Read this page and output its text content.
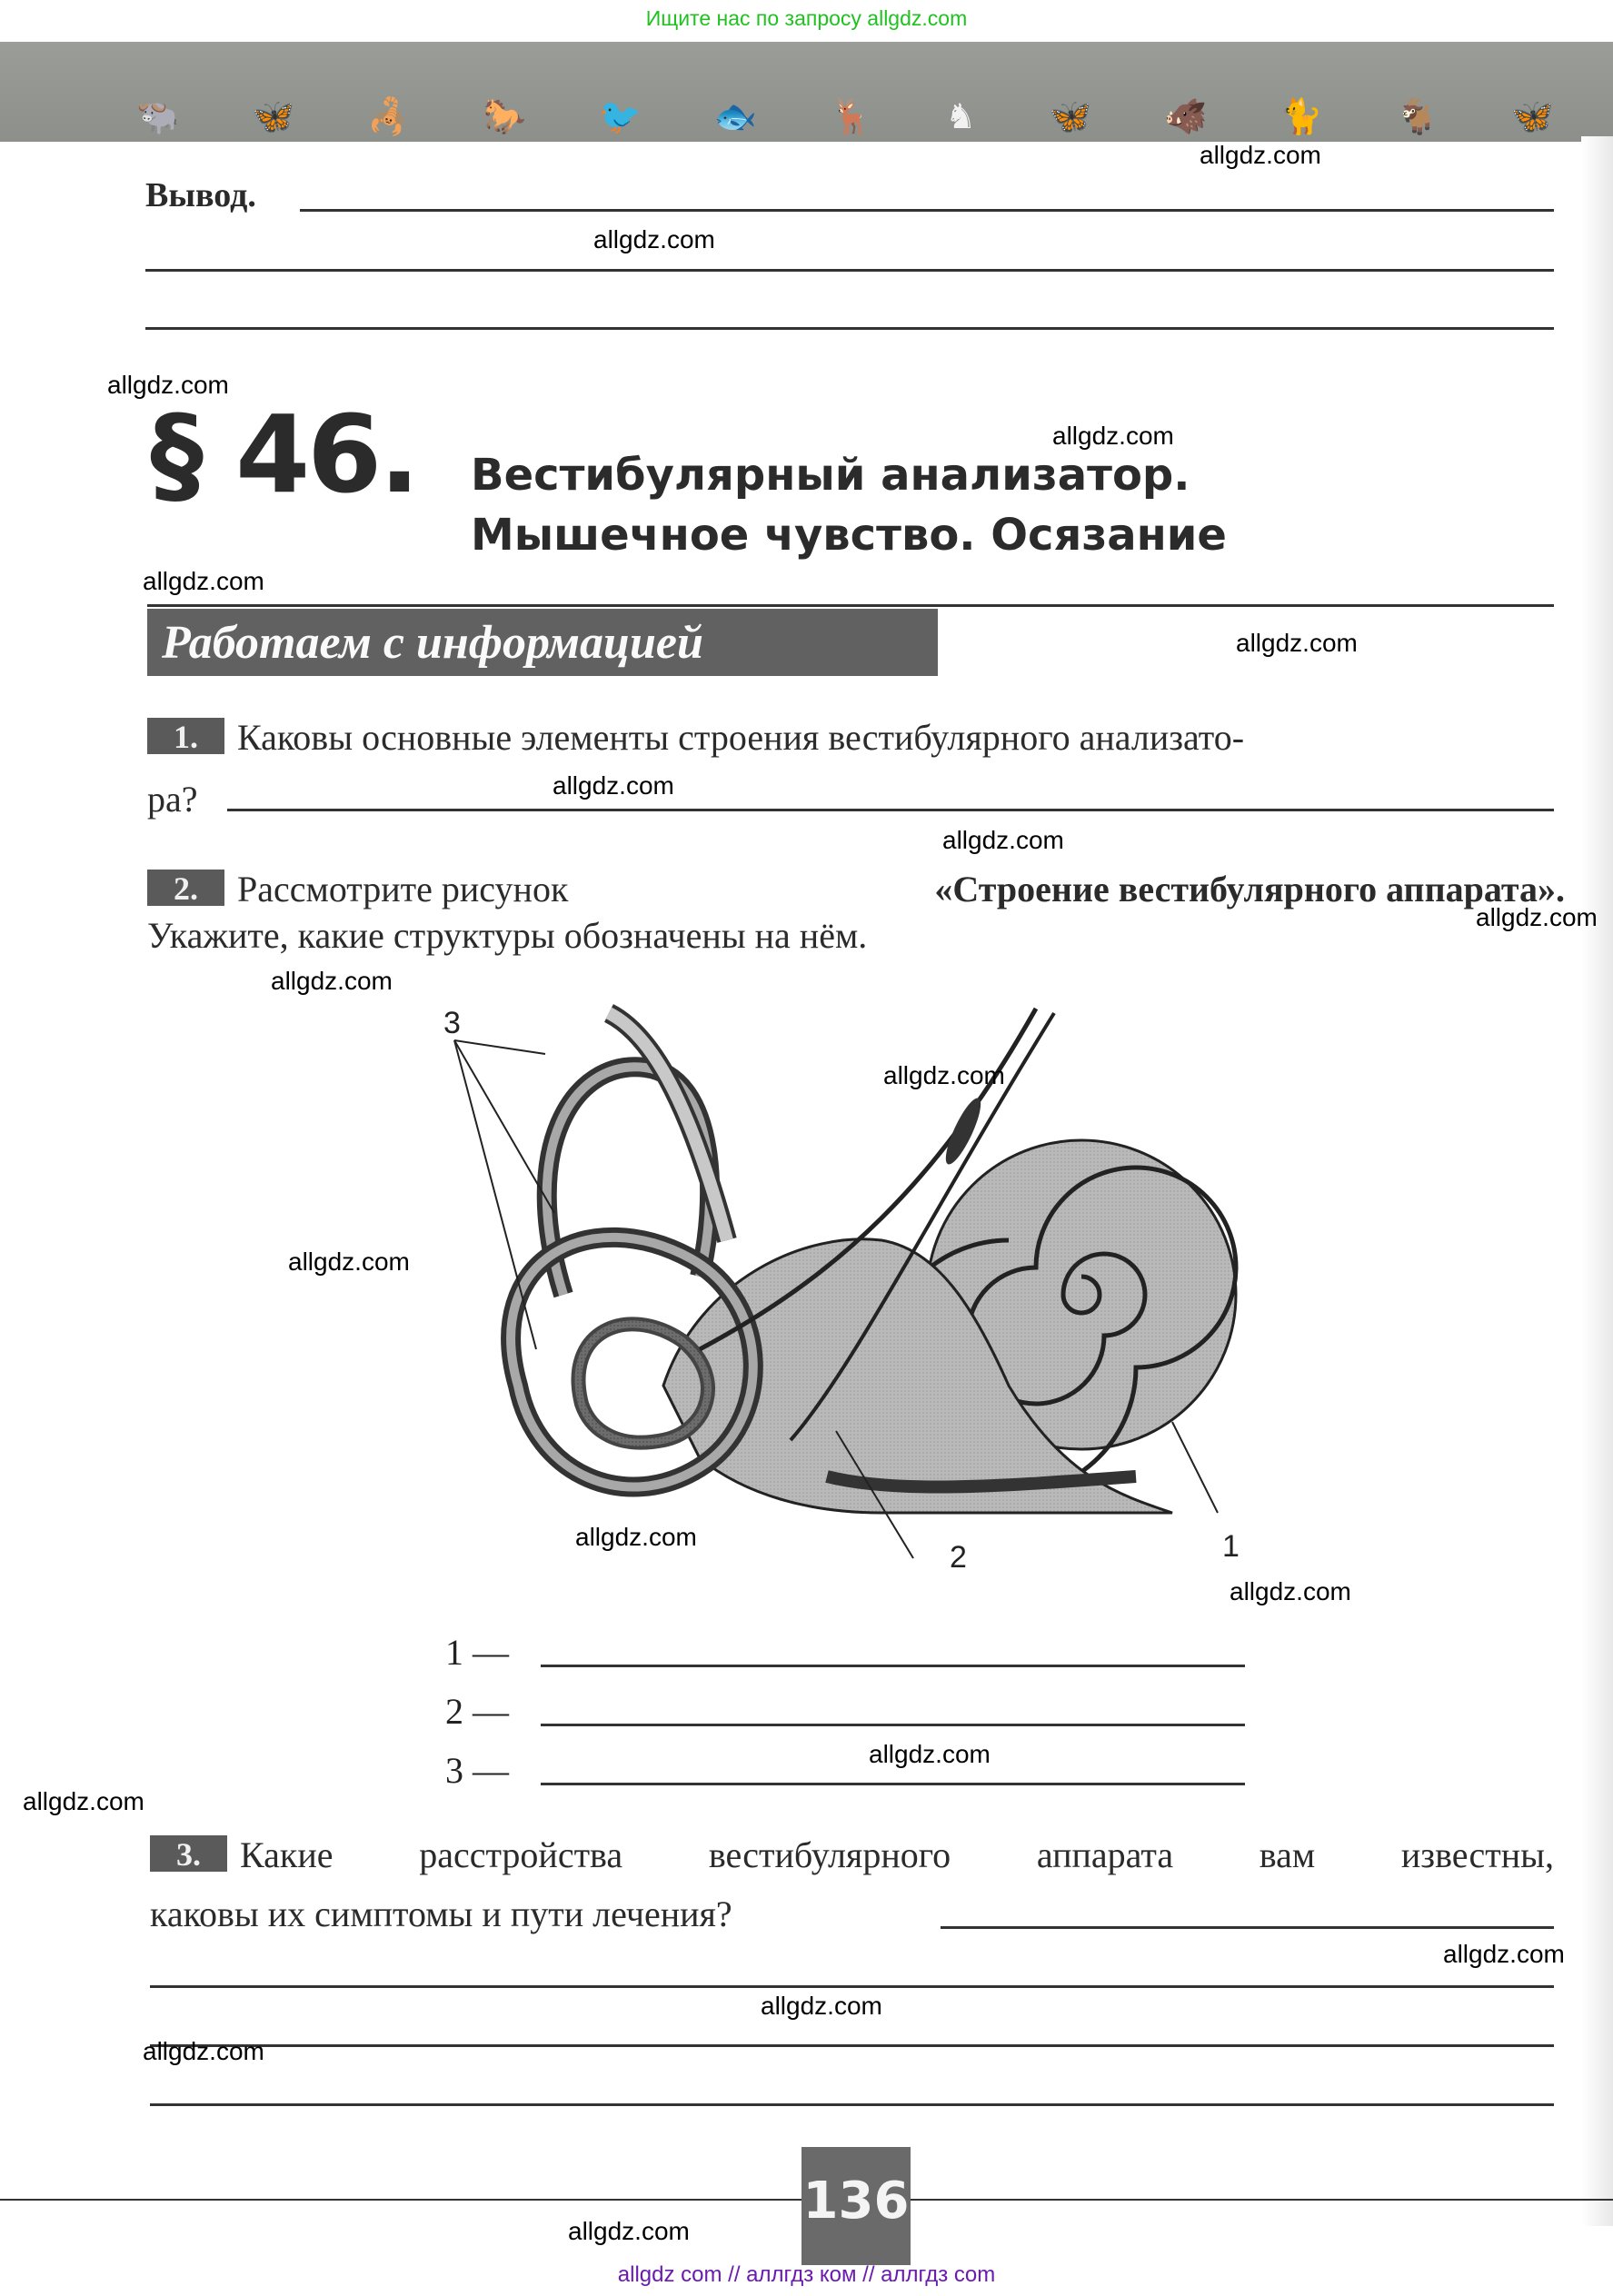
Ищите нас по запросу allgdz.com
🐃 🦋 🦂 🐎 🐦 🐟 🦌 ♞ 🦋 🐗 🐈 🐐 🦋
Вывод.
§ 46. Вестибулярный анализатор.
Мышечное чувство. Осязание
Работаем с информацией
1. Каковы основные элементы строения вестибулярного анализато-
ра?
2. Рассмотрите рисунок	«Строение вестибулярного аппарата».
Укажите, какие структуры обозначены на нём.
3
1
2
1 —
2 —
3 —
3.	Какие расстройства вестибулярного аппарата вам известны,
каковы их симптомы и пути лечения?
136
allgdz.com
allgdz.com
allgdz.com
allgdz.com
allgdz.com
allgdz.com
allgdz.com
allgdz.com
allgdz.com
allgdz.com
allgdz.com
allgdz.com
allgdz.com
allgdz.com
allgdz.com
allgdz.com
allgdz.com
allgdz.com
allgdz.com
allgdz.com
allgdz com // аллгдз ком // аллгдз com
